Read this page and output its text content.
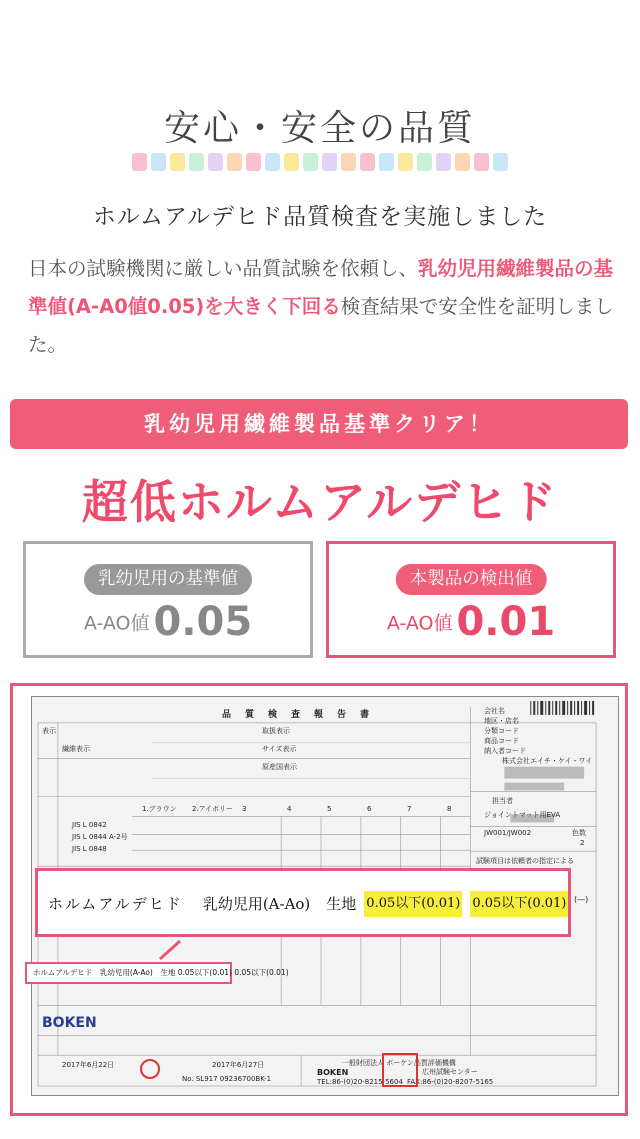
安心・安全の品質
ホルムアルデヒド品質検査を実施しました

日本の試験機関に厳しい品質試験を依頼し、乳幼児用繊維製品の基準値(A-A0値0.05)を大きく下回る検査結果で安全性を証明しました。

乳幼児用繊維製品基準クリア！
超低ホルムアルデヒド
乳幼児用の基準値
A-AO値 0.05
本製品の検出値
A-AO値 0.01
品質検査報告書
表示
繊維表示
取扱表示
サイズ表示
原産国表示
会社名
地区・店名
分類コード
商品コード
納入者コード
株式会社エイチ・ケイ・ワイ
担当者
ジョイントマット用EVA
JW001/JW002	色数
2
試験項目は依頼者の指定による
JIS L 0842
JIS L 0844 A-2号
JIS L 0848
1.ブラウン 2.アイボリー 3	4	5	6	7	8
BOKEN
2017年6月22日
No. SL917 09236700BK-1
2017年6月27日	一般財団法人 ボーケン品質評価機構
BOKEN	広州試験センター
TEL:86-(0)20-8215-5604 FAX:86-(0)20-8207-5165
ホルムアルデヒド 乳幼児用(A-Ao) 生地 0.05以下(0.01) 0.05以下(0.01) (—)
ホルムアルデヒド　乳幼児用(A-Ao)　生地 0.05以下(0.01) 0.05以下(0.01)
